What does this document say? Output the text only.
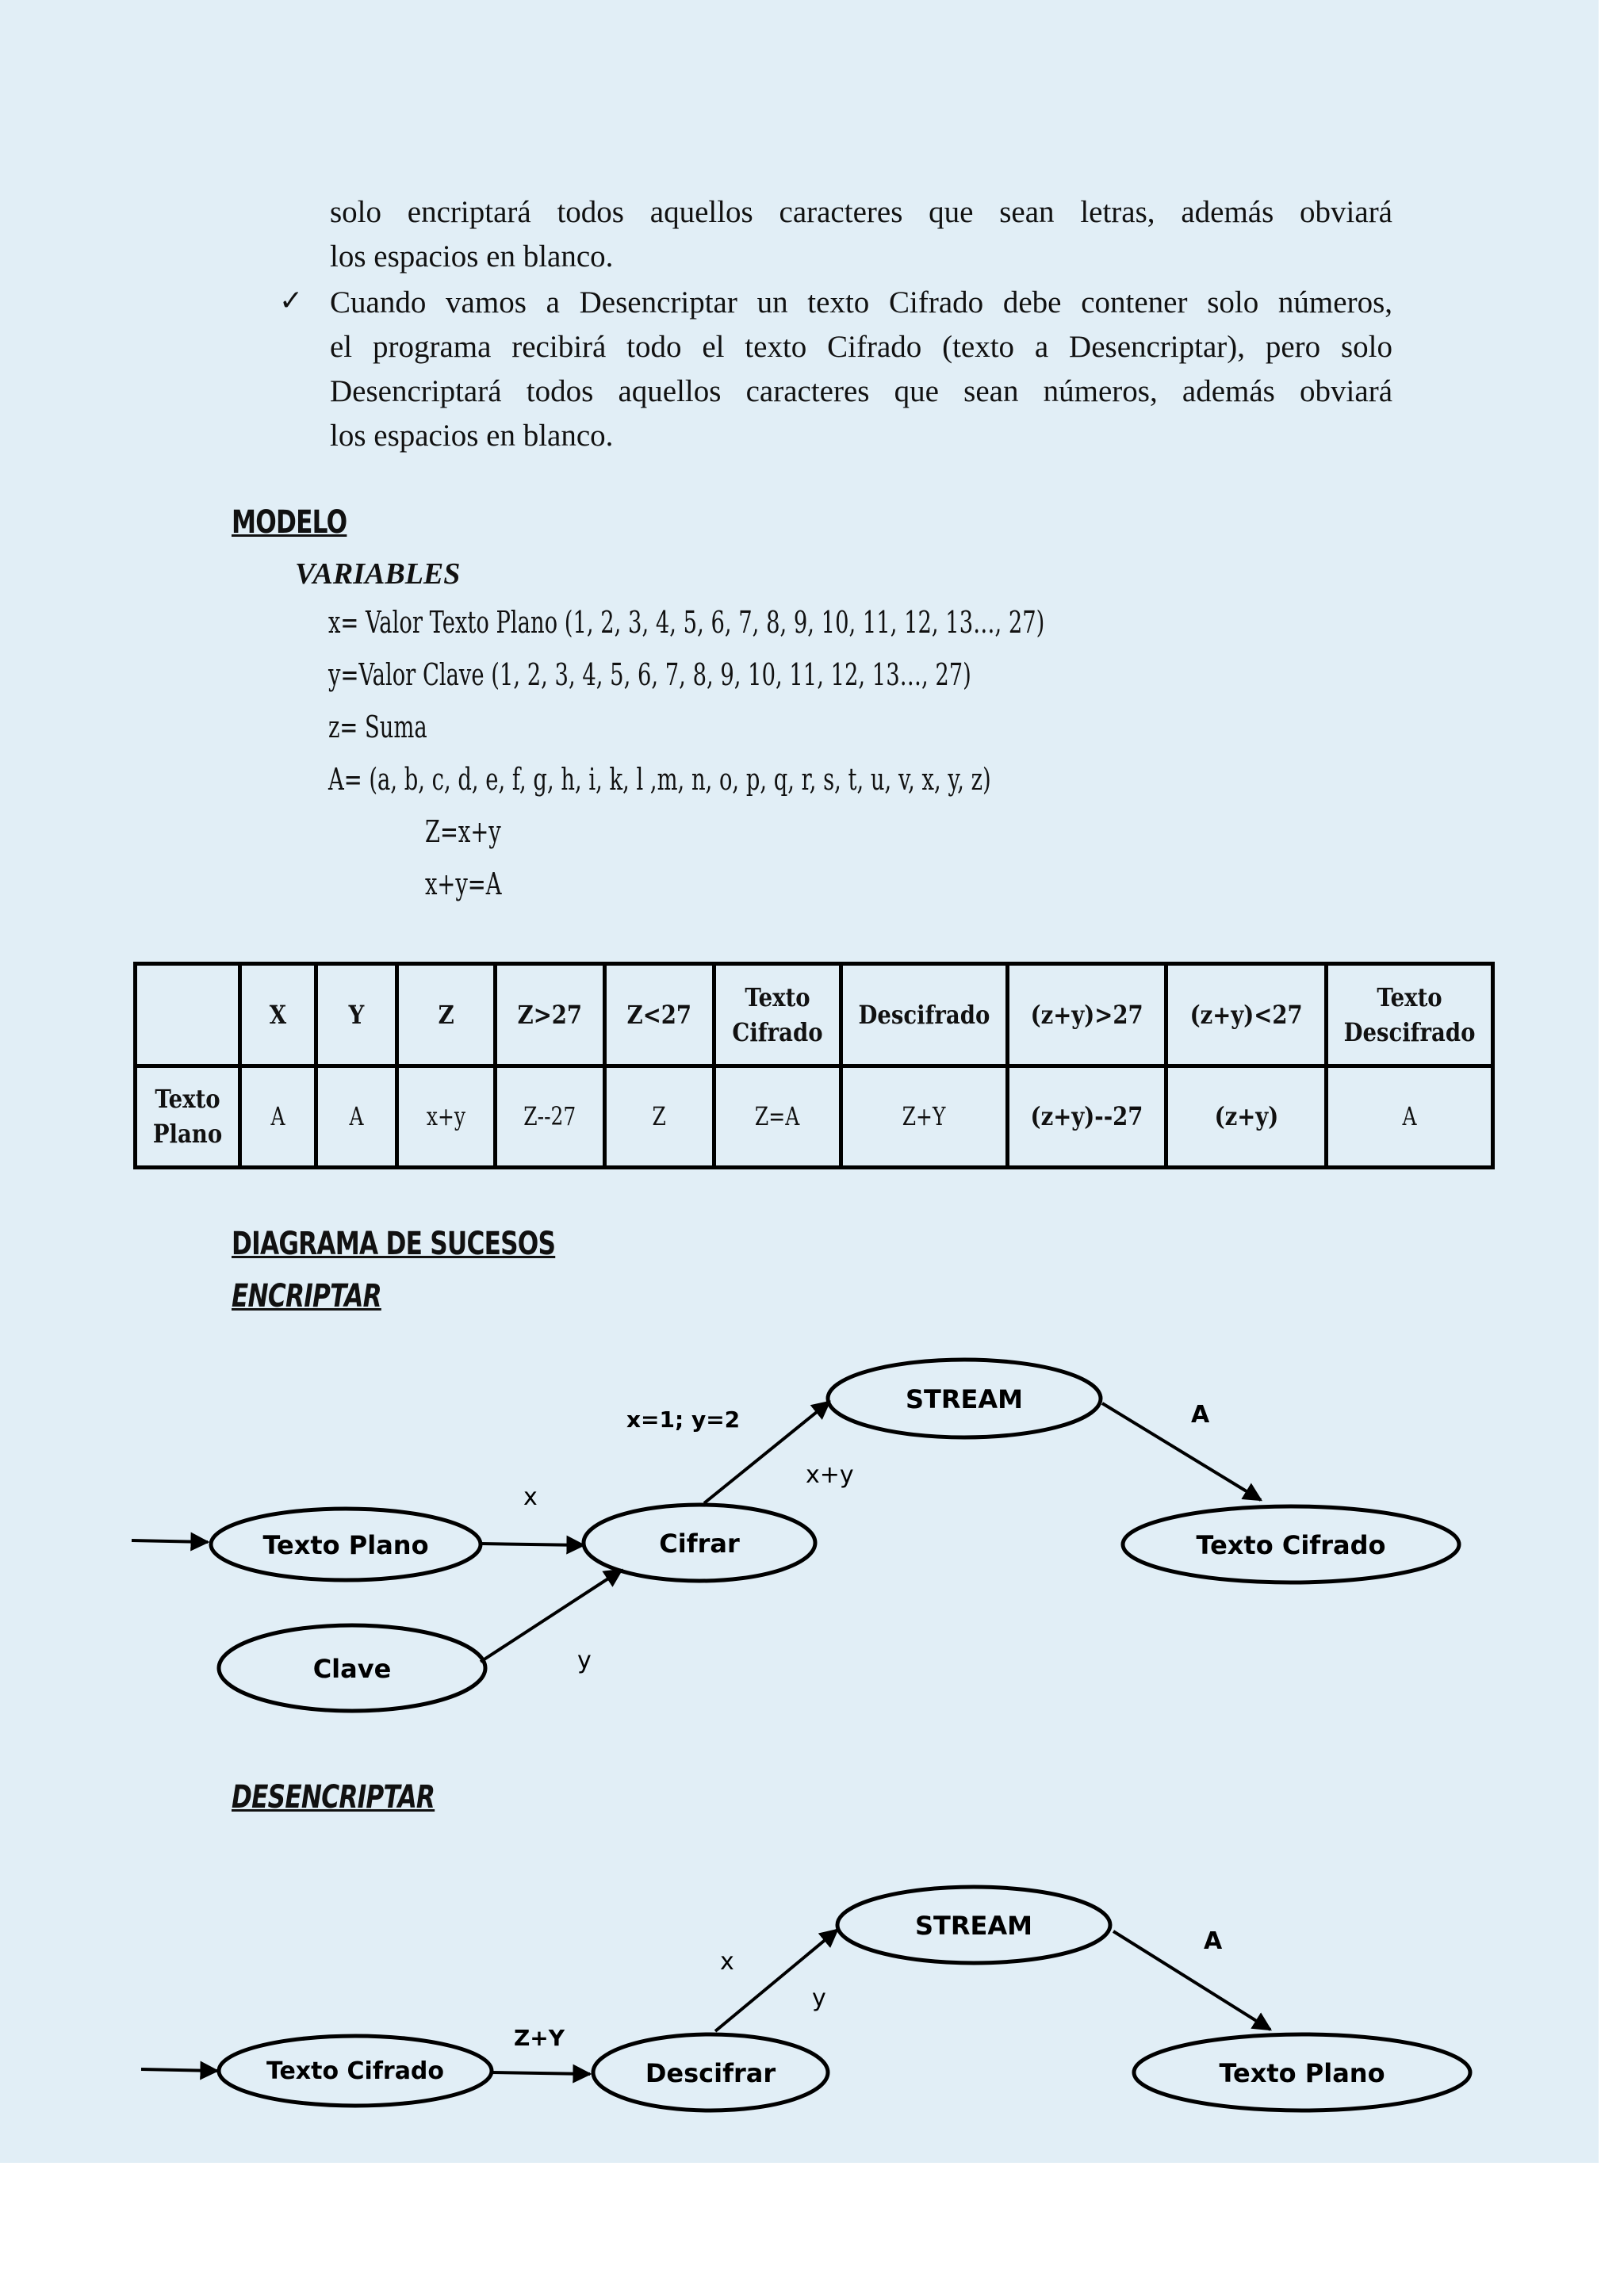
solo encriptará todos aquellos caracteres que sean letras, además obviará
los espacios en blanco.
✓ Cuando vamos a Desencriptar un texto Cifrado debe contener solo números,
el programa recibirá todo el texto Cifrado (texto a Desencriptar), pero solo
Desencriptará todos aquellos caracteres que sean números, además obviará
los espacios en blanco.
MODELO
VARIABLES
x= Valor Texto Plano (1, 2, 3, 4, 5, 6, 7, 8, 9, 10, 11, 12, 13…, 27)
y=Valor Clave (1, 2, 3, 4, 5, 6, 7, 8, 9, 10, 11, 12, 13…, 27)
z= Suma
A= (a, b, c, d, e, f, g, h, i, k, l ,m, n, o, p, q, r, s, t, u, v, x, y, z)
Z=x+y
x+y=A
	X	Y	Z	Z>27	Z<27	Texto Cifrado	Descifrado	(z+y)>27	(z+y)<27	Texto Descifrado
Texto Plano	A	A	x+y	Z--27	Z	Z=A	Z+Y	(z+y)--27	(z+y)	A
DIAGRAMA DE SUCESOS
ENCRIPTAR
DESENCRIPTAR
Texto Plano
Clave
Cifrar
STREAM
Texto Cifrado
x
y
x=1; y=2
x+y
A
Texto Cifrado	Descifrar
STREAM
Texto Plano
Z+Y
x
y
A
